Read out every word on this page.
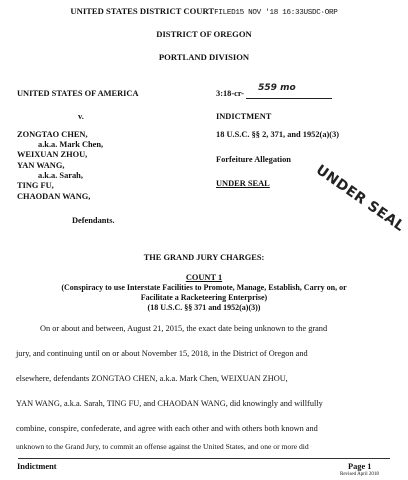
UNITED STATES DISTRICT COURTFILED15 NOV '18 16:33USDC·ORP
DISTRICT OF OREGON
PORTLAND DIVISION
UNITED STATES OF AMERICA
v.
ZONGTAO CHEN,
a.k.a. Mark Chen,
WEIXUAN ZHOU,
YAN WANG,
a.k.a. Sarah,
TING FU,
CHAODAN WANG,
Defendants.
3:18-cr-
559 mo

INDICTMENT
18 U.S.C. §§ 2, 371, and 1952(a)(3)
Forfeiture Allegation
UNDER SEAL	UNDER SEAL
THE GRAND JURY CHARGES:
COUNT 1
(Conspiracy to use Interstate Facilities to Promote, Manage, Establish, Carry on, or
Facilitate a Racketeering Enterprise)
(18 U.S.C. §§ 371 and 1952(a)(3))
On or about and between, August 21, 2015, the exact date being unknown to the grand
jury, and continuing until on or about November 15, 2018, in the District of Oregon and
elsewhere, defendants ZONGTAO CHEN, a.k.a. Mark Chen, WEIXUAN ZHOU,
YAN WANG, a.k.a. Sarah, TING FU, and CHAODAN WANG, did knowingly and willfully
combine, conspire, confederate, and agree with each other and with others both known and
unknown to the Grand Jury, to commit an offense against the United States, and one or more did
Indictment	Page 1
Revised April 2018
